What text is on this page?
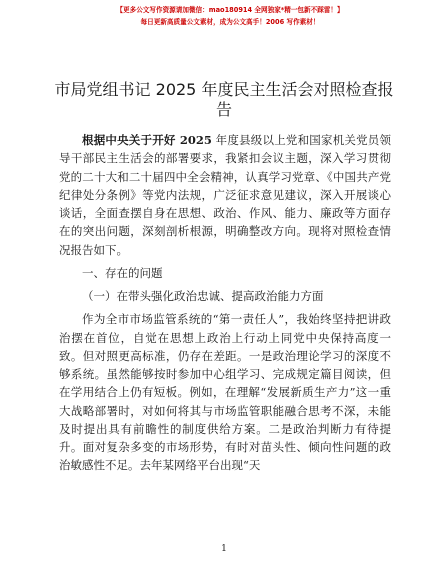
【更多公文写作资源请加微信：mao180914 全网独家*精一包新不踩雷！】
每日更新高质量公文素材，成为公文高手！2006 写作素材！
市局党组书记 2025 年度民主生活会对照检查报
告

根据中央关于开好 2025 年度县级以上党和国家机关党员领导干部民主生活会的部署要求，我紧扣会议主题，深入学习贯彻党的二十大和二十届四中全会精神，认真学习党章、《中国共产党纪律处分条例》等党内法规，广泛征求意见建议，深入开展谈心谈话，全面查摆自身在思想、政治、作风、能力、廉政等方面存在的突出问题，深刻剖析根源，明确整改方向。现将对照检查情况报告如下。

一、存在的问题

（一）在带头强化政治忠诚、提高政治能力方面

作为全市市场监管系统的“第一责任人”，我始终坚持把讲政治摆在首位，自觉在思想上政治上行动上同党中央保持高度一致。但对照更高标准，仍存在差距。一是政治理论学习的深度不够系统。虽然能够按时参加中心组学习、完成规定篇目阅读，但在学用结合上仍有短板。例如，在理解“发展新质生产力”这一重大战略部署时，对如何将其与市场监管职能融合思考不深，未能及时提出具有前瞻性的制度供给方案。二是政治判断力有待提升。面对复杂多变的市场形势，有时对苗头性、倾向性问题的政治敏感性不足。去年某网络平台出现“天

1
